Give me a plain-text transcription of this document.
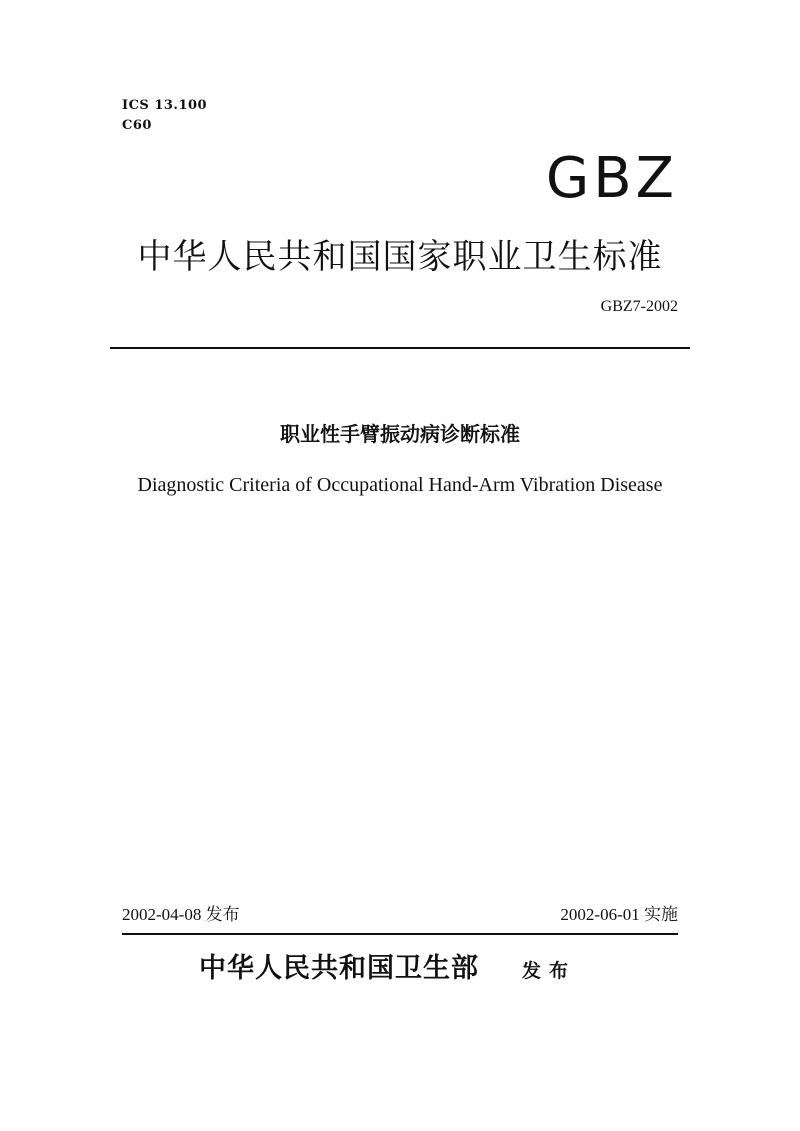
ICS 13.100
C60
GBZ
中华人民共和国国家职业卫生标准
GBZ7-2002
职业性手臂振动病诊断标准
Diagnostic Criteria of Occupational Hand-Arm Vibration Disease
2002-04-08 发布	2002-06-01 实施
中华人民共和国卫生部 发布
